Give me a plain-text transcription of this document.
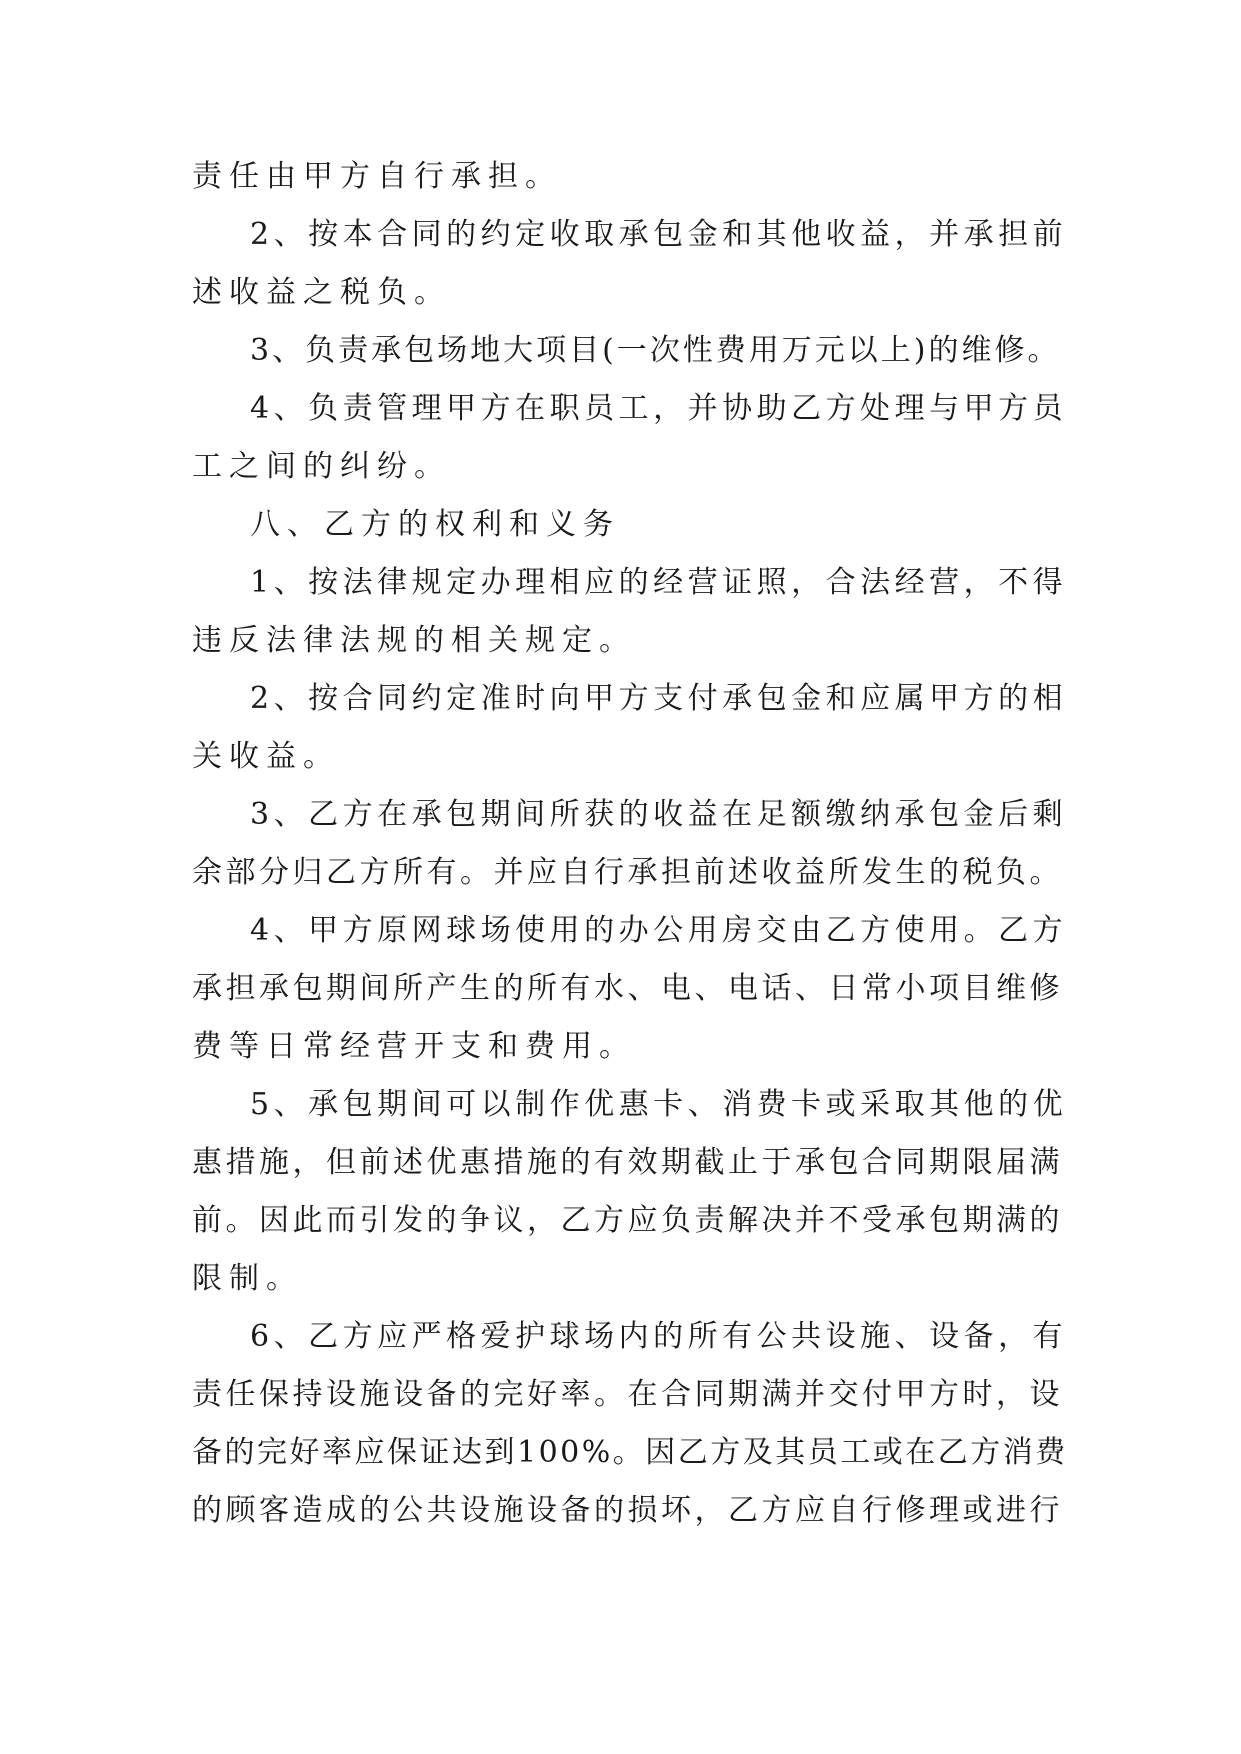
责任由甲方自行承担。
2、按本合同的约定收取承包金和其他收益，并承担前
述收益之税负。
3、负责承包场地大项目(一次性费用万元以上)的维修。
4、负责管理甲方在职员工，并协助乙方处理与甲方员
工之间的纠纷。
八、乙方的权利和义务
1、按法律规定办理相应的经营证照，合法经营，不得
违反法律法规的相关规定。
2、按合同约定准时向甲方支付承包金和应属甲方的相
关收益。
3、乙方在承包期间所获的收益在足额缴纳承包金后剩
余部分归乙方所有。并应自行承担前述收益所发生的税负。
4、甲方原网球场使用的办公用房交由乙方使用。乙方
承担承包期间所产生的所有水、电、电话、日常小项目维修
费等日常经营开支和费用。
5、承包期间可以制作优惠卡、消费卡或采取其他的优
惠措施，但前述优惠措施的有效期截止于承包合同期限届满
前。因此而引发的争议，乙方应负责解决并不受承包期满的
限制。
6、乙方应严格爱护球场内的所有公共设施、设备，有
责任保持设施设备的完好率。在合同期满并交付甲方时，设
备的完好率应保证达到100%。因乙方及其员工或在乙方消费
的顾客造成的公共设施设备的损坏，乙方应自行修理或进行
